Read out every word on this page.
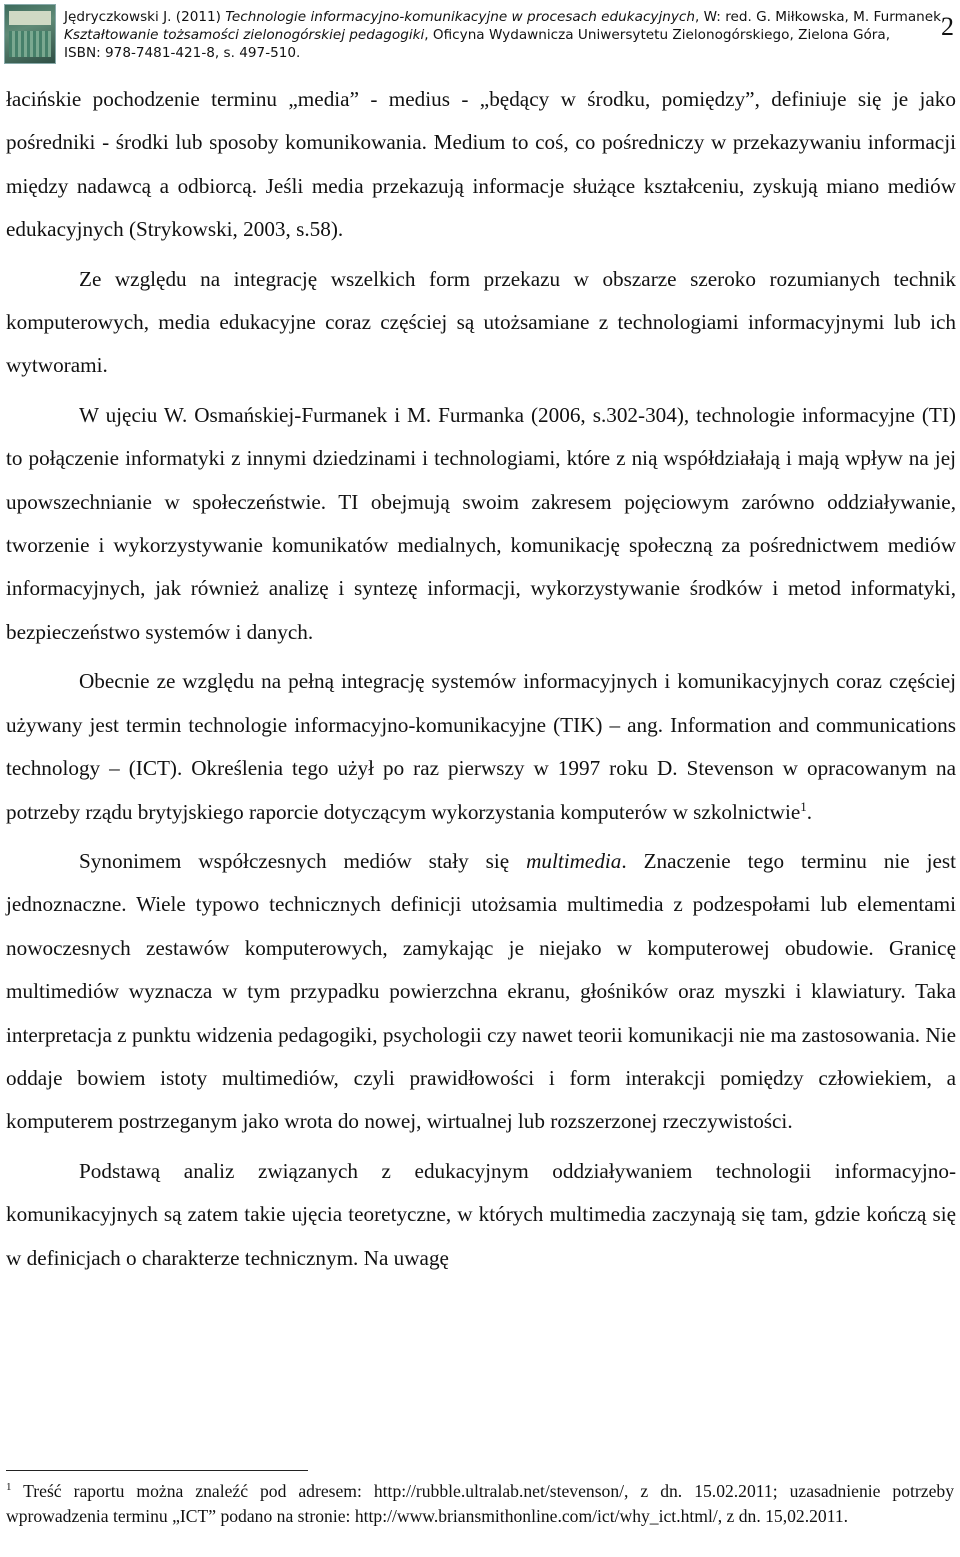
Jędryczkowski J. (2011) Technologie informacyjno-komunikacyjne w procesach edukacyjnych, W: red. G. Miłkowska, M. Furmanek,
Kształtowanie tożsamości zielonogórskiej pedagogiki, Oficyna Wydawnicza Uniwersytetu Zielonogórskiego, Zielona Góra,
ISBN: 978-7481-421-8, s. 497-510.
2

łacińskie pochodzenie terminu „media” - medius - „będący w środku, pomiędzy”, definiuje się je jako pośredniki - środki lub sposoby komunikowania. Medium to coś, co pośredniczy w przekazywaniu informacji między nadawcą a odbiorcą. Jeśli media przekazują informacje służące kształceniu, zyskują miano mediów edukacyjnych (Strykowski, 2003, s.58).

Ze względu na integrację wszelkich form przekazu w obszarze szeroko rozumianych technik komputerowych, media edukacyjne coraz częściej są utożsamiane z technologiami informacyjnymi lub ich wytworami.

W ujęciu W. Osmańskiej-Furmanek i M. Furmanka (2006, s.302-304), technologie informacyjne (TI) to połączenie informatyki z innymi dziedzinami i technologiami, które z nią współdziałają i mają wpływ na jej upowszechnianie w społeczeństwie. TI obejmują swoim zakresem pojęciowym zarówno oddziaływanie, tworzenie i wykorzystywanie komunikatów medialnych, komunikację społeczną za pośrednictwem mediów informacyjnych, jak również analizę i syntezę informacji, wykorzystywanie środków i metod informatyki, bezpieczeństwo systemów i danych.

Obecnie ze względu na pełną integrację systemów informacyjnych i komunikacyjnych coraz częściej używany jest termin technologie informacyjno-komunikacyjne (TIK) – ang. Information and communications technology – (ICT). Określenia tego użył po raz pierwszy w 1997 roku D. Stevenson w opracowanym na potrzeby rządu brytyjskiego raporcie dotyczącym wykorzystania komputerów w szkolnictwie$^1$.

Synonimem współczesnych mediów stały się multimedia. Znaczenie tego terminu nie jest jednoznaczne. Wiele typowo technicznych definicji utożsamia multimedia z podzespołami lub elementami nowoczesnych zestawów komputerowych, zamykając je niejako w komputerowej obudowie. Granicę multimediów wyznacza w tym przypadku powierzchna ekranu, głośników oraz myszki i klawiatury. Taka interpretacja z punktu widzenia pedagogiki, psychologii czy nawet teorii komunikacji nie ma zastosowania. Nie oddaje bowiem istoty multimediów, czyli prawidłowości i form interakcji pomiędzy człowiekiem, a komputerem postrzeganym jako wrota do nowej, wirtualnej lub rozszerzonej rzeczywistości.

Podstawą analiz związanych z edukacyjnym oddziaływaniem technologii informacyjno-komunikacyjnych są zatem takie ujęcia teoretyczne, w których multimedia zaczynają się tam, gdzie kończą się w definicjach o charakterze technicznym. Na uwagę

$^1$ Treść raportu można znaleźć pod adresem: http://rubble.ultralab.net/stevenson/, z dn. 15.02.2011; uzasadnienie potrzeby wprowadzenia terminu „ICT” podano na stronie: http://www.briansmithonline.com/ict/why_ict.html/, z dn. 15,02.2011.
